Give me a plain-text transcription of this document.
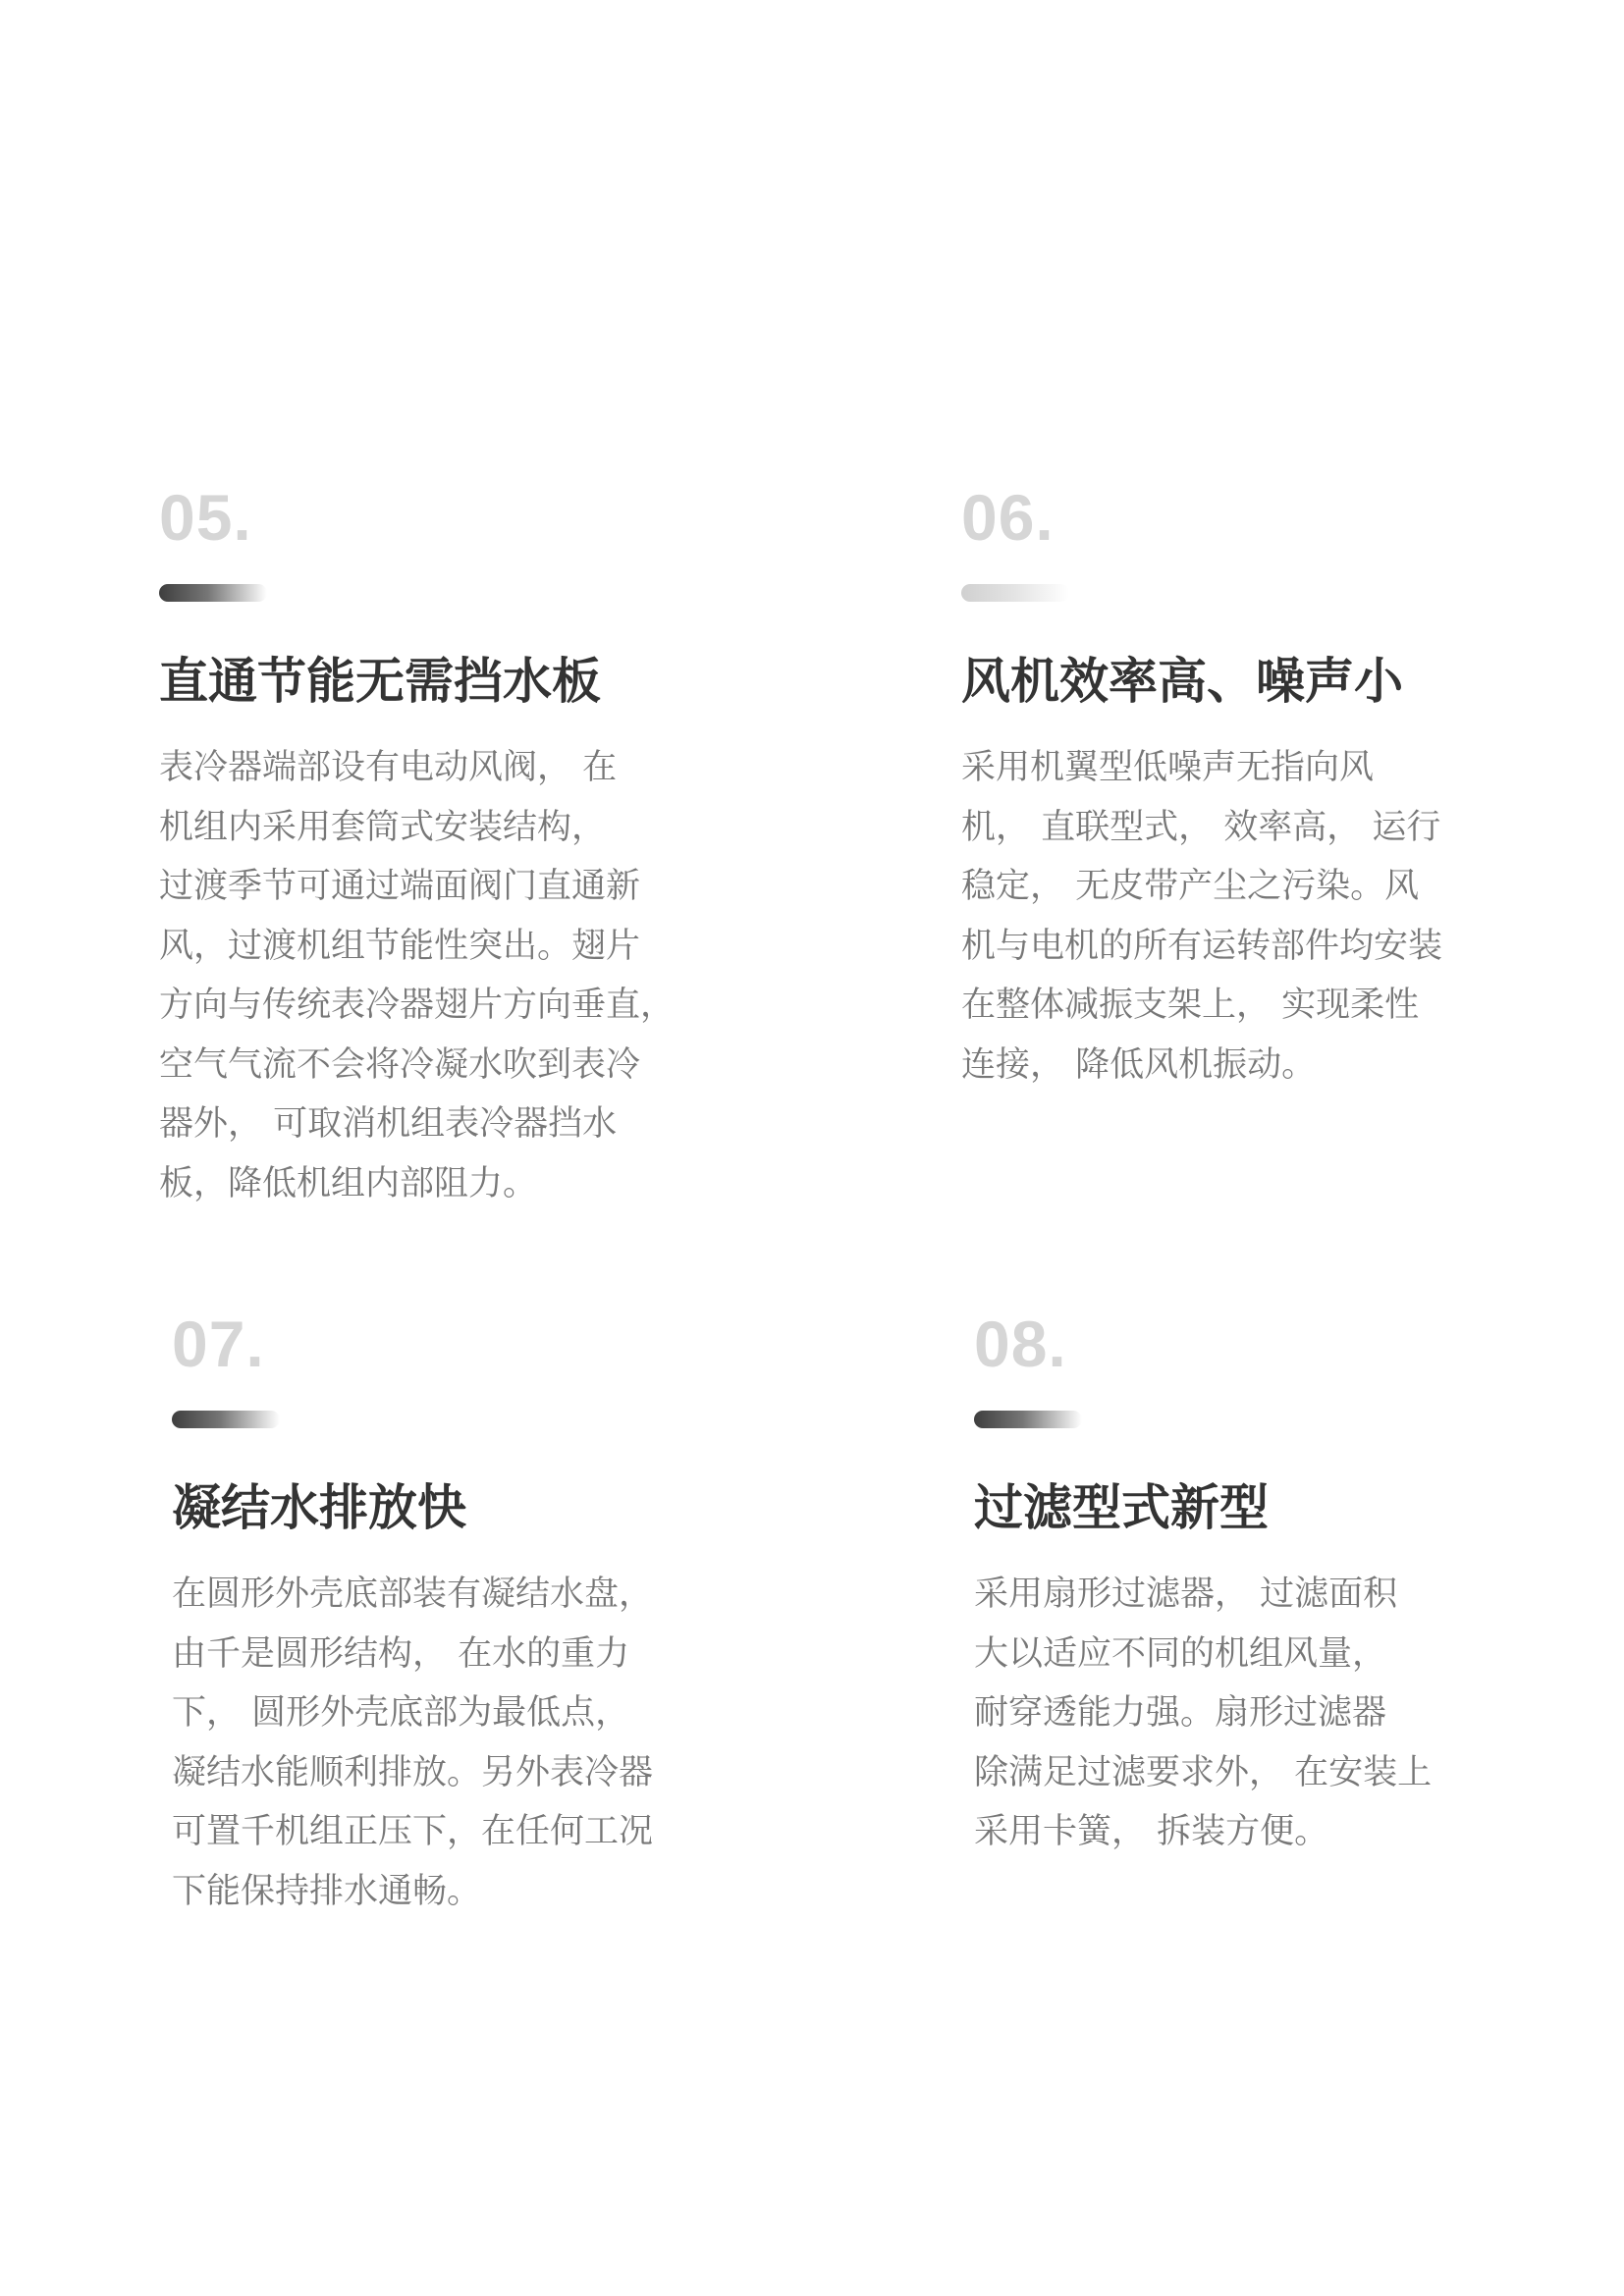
05.
直通节能无需挡水板
表冷器端部设有电动风阀， 在
机组内采用套筒式安装结构，
过渡季节可通过端面阀门直通新
风，过渡机组节能性突出。翅片
方向与传统表冷器翅片方向垂直，
空气气流不会将冷凝水吹到表冷
器外， 可取消机组表冷器挡水
板，降低机组内部阻力。
06.
风机效率高、噪声小
采用机翼型低噪声无指向风
机， 直联型式， 效率高， 运行
稳定， 无皮带产尘之污染。风
机与电机的所有运转部件均安装
在整体减振支架上， 实现柔性
连接， 降低风机振动。
07.
凝结水排放快
在圆形外壳底部装有凝结水盘，
由千是圆形结构， 在水的重力
下， 圆形外壳底部为最低点，
凝结水能顺利排放。另外表冷器
可置千机组正压下，在任何工况
下能保持排水通畅。
08.
过滤型式新型
采用扇形过滤器， 过滤面积
大以适应不同的机组风量，
耐穿透能力强。扇形过滤器
除满足过滤要求外， 在安装上
采用卡簧， 拆装方便。
